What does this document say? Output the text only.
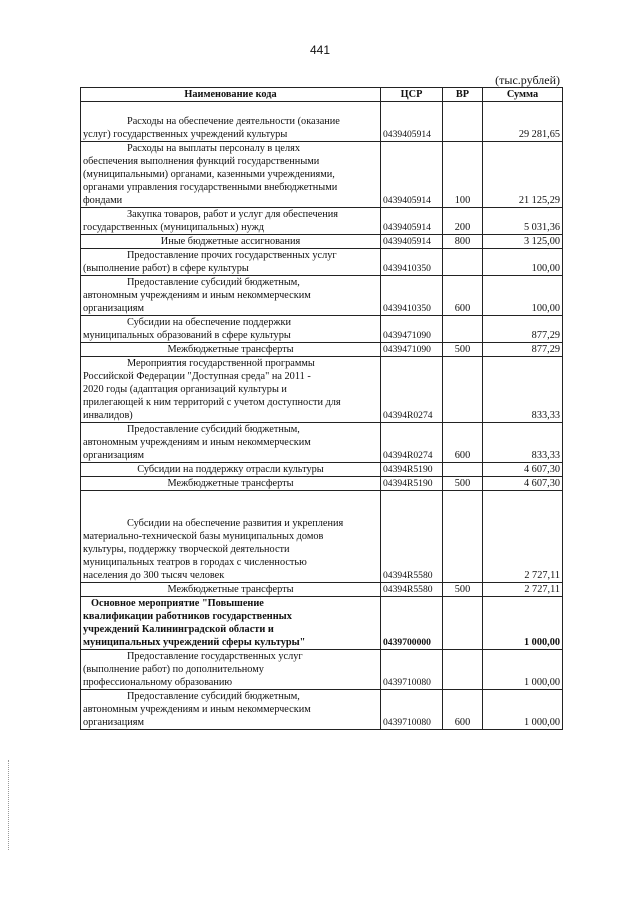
441
(тыс.рублей)
Наименование кода	ЦСР	ВР	Сумма

Расходы на обеспечение деятельности (оказание
услуг) государственных учреждений культуры	0439405914		29 281,65

Расходы на выплаты персоналу в целях
обеспечения выполнения функций государственными
(муниципальными) органами, казенными учреждениями,
органами управления государственными внебюджетными
фондами	0439405914	100	21 125,29

Закупка товаров, работ и услуг для обеспечения
государственных (муниципальных) нужд	0439405914	200	5 031,36

Иные бюджетные ассигнования	0439405914	800	3 125,00

Предоставление прочих государственных услуг
(выполнение работ) в сфере культуры	0439410350		100,00

Предоставление субсидий бюджетным,
автономным учреждениям и иным некоммерческим
организациям	0439410350	600	100,00

Субсидии на обеспечение поддержки
муниципальных образований в сфере культуры	0439471090		877,29

Межбюджетные трансферты	0439471090	500	877,29

Мероприятия государственной программы
Российской Федерации "Доступная среда" на 2011 -
2020 годы (адаптация организаций культуры и
прилегающей к ним территорий с учетом доступности для
инвалидов)	04394R0274		833,33

Предоставление субсидий бюджетным,
автономным учреждениям и иным некоммерческим
организациям	04394R0274	600	833,33

Субсидии на поддержку отрасли культуры	04394R5190		4 607,30

Межбюджетные трансферты	04394R5190	500	4 607,30

Субсидии на обеспечение развития и укрепления
материально-технической базы муниципальных домов
культуры, поддержку творческой деятельности
муниципальных театров в городах с численностью
населения до 300 тысяч человек	04394R5580		2 727,11

Межбюджетные трансферты	04394R5580	500	2 727,11

Основное мероприятие "Повышение
квалификации работников государственных
учреждений Калининградской области и
муниципальных учреждений сферы культуры"	0439700000		1 000,00

Предоставление государственных услуг
(выполнение работ) по дополнительному
профессиональному образованию	0439710080		1 000,00

Предоставление субсидий бюджетным,
автономным учреждениям и иным некоммерческим
организациям	0439710080	600	1 000,00
